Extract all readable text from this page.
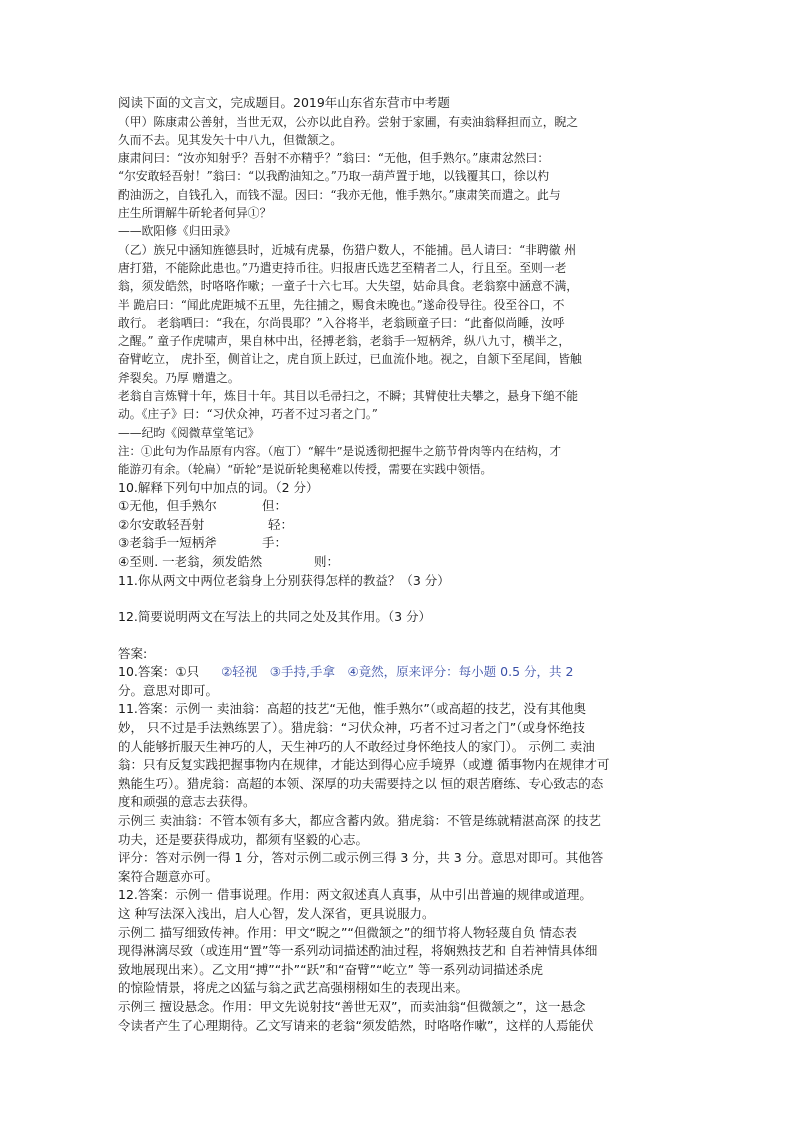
阅读下面的文言文，完成题目。2019年山东省东营市中考题
（甲）陈康肃公善射，当世无双，公亦以此自矜。尝射于家圃，有卖油翁释担而立，睨之
久而不去。见其发矢十中八九，但微颔之。
康肃问曰：“汝亦知射乎？吾射不亦精乎？”翁曰：“无他，但手熟尔。”康肃忿然曰：
“尔安敢轻吾射！”翁曰：“以我酌油知之。”乃取一葫芦置于地，以钱覆其口，徐以杓
酌油沥之，自钱孔入，而钱不湿。因曰：“我亦无他，惟手熟尔。”康肃笑而遣之。此与
庄生所谓解牛斫轮者何异①？
——欧阳修《归田录》
（乙）族兄中涵知旌德县时，近城有虎暴，伤猎户数人，不能捕。邑人请曰：“非聘徽 州
唐打猎，不能除此患也。”乃遣吏持币往。归报唐氏选艺至精者二人，行且至。至则一老
翁，须发皓然，时咯咯作嗽；一童子十六七耳。大失望，姑命具食。老翁察中涵意不满，
半 跪启曰：“闻此虎距城不五里，先往捕之，赐食未晚也。”遂命役导往。役至谷口，不
敢行。 老翁哂曰：“我在，尔尚畏耶？”入谷将半，老翁顾童子曰：“此畜似尚睡，汝呼
之醒。” 童子作虎啸声，果自林中出，径搏老翁，老翁手一短柄斧，纵八九寸，横半之，
奋臂屹立， 虎扑至，侧首让之，虎自顶上跃过，已血流仆地。视之，自颔下至尾闾，皆触
斧裂矣。乃厚 赠遣之。
老翁自言炼臂十年，炼目十年。其目以毛帚扫之，不瞬；其臂使壮夫攀之，悬身下缒不能
动。《庄子》曰：“习伏众神，巧者不过习者之门。”
——纪昀《阅微草堂笔记》
注：①此句为作品原有内容。（庖丁）“解牛”是说透彻把握牛之筋节骨肉等内在结构，才
能游刃有余。（轮扁）“斫轮”是说斫轮奥秘难以传授，需要在实践中领悟。
10.解释下列句中加点的词。（2 分）
①无他，但手熟尔	但：
②尔安敢轻吾射	轻：
③老翁手一短柄斧	手：
④至则. 一老翁，须发皓然	则：
11.你从两文中两位老翁身上分别获得怎样的教益？（3 分）
12.简要说明两文在写法上的共同之处及其作用。（3 分）
答案:
10.答案：①只 ②轻视　③手持,手拿　④竟然，原来评分：每小题 0.5 分，共 2
分。意思对即可。
11.答案：示例一 卖油翁：高超的技艺“无他，惟手熟尔”（或高超的技艺，没有其他奥
妙， 只不过是手法熟练罢了）。猎虎翁：“习伏众神，巧者不过习者之门”（或身怀绝技
的人能够折服天生神巧的人，天生神巧的人不敢经过身怀绝技人的家门）。 示例二 卖油
翁：只有反复实践把握事物内在规律，才能达到得心应手境界（或遵 循事物内在规律才可
熟能生巧）。猎虎翁：高超的本领、深厚的功夫需要持之以 恒的艰苦磨练、专心致志的态
度和顽强的意志去获得。
示例三 卖油翁：不管本领有多大，都应含蓄内敛。猎虎翁：不管是练就精湛高深 的技艺
功夫，还是要获得成功，都须有坚毅的心志。
评分：答对示例一得 1 分，答对示例二或示例三得 3 分，共 3 分。意思对即可。其他答
案符合题意亦可。
12.答案：示例一 借事说理。作用：两文叙述真人真事，从中引出普遍的规律或道理。
这 种写法深入浅出，启人心智，发人深省，更具说服力。
示例二 描写细致传神。作用：甲文“睨之”“但微颔之”的细节将人物轻蔑自负 情态表
现得淋漓尽致（或连用“置”等一系列动词描述酌油过程，将娴熟技艺和 自若神情具体细
致地展现出来）。乙文用“搏”“扑”“跃”和“奋臂”“屹立” 等一系列动词描述杀虎
的惊险情景，将虎之凶猛与翁之武艺高强栩栩如生的表现出来。
示例三 擅设悬念。作用：甲文先说射技“善世无双”，而卖油翁“但微颔之”，这一悬念
令读者产生了心理期待。乙文写请来的老翁“须发皓然，时咯咯作嗽”，这样的人焉能伏
